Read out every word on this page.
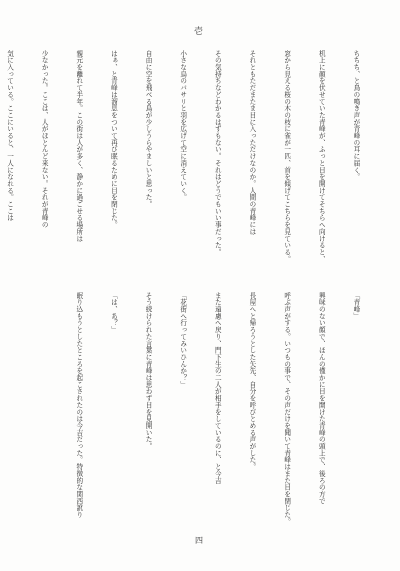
壱

ちちち、と鳥の鳴き声が青峰の耳に届く。

机上に顔を伏せていた青峰が、ふっと目を開けてそちらへ向けると、

窓から見える桜の木の枝に雀が一匹、首を傾げてこちらを見ている。

それともただまたま目に入っただけなのか。人間の青峰には

その気持ちなどわかるはずもない。それはどうでもいい事だった。

小さな鳥のバサリと羽を広げて空に消えていく。

自由に空を飛べる鳥が少しうらやましいと思った。

はぁ、と青峰は溜息をついて再び眠るために目を閉じた。

親元を離れて半年。この街は人が多く、静かに過ごせる場所は

少なかった。ここは、人がほとんど来ない。それが青峰の

気に入っている。ここにいると、一人になれる。ここは

「青峰」

興味のない顔で、ほんの僅かに目を開けた青峰の頭上で、後ろの方で

呼ぶ声がする。いつもの事で、その声だけを聞いて青峰はまた目を閉じた。

長屋へと帰ろうとした矢先、自分を呼びとめる声がした。

また遠慮へ戻り、門下生の二人が相手をしているのに、と今吉

「花街へ行ってみいひんか？」

そう続けられた言葉に青峰は思わず目を見開いた。

「は、あ？」

眠り込もうとしたところを起こされたのは今吉だった。特徴的な関西訛り

四
